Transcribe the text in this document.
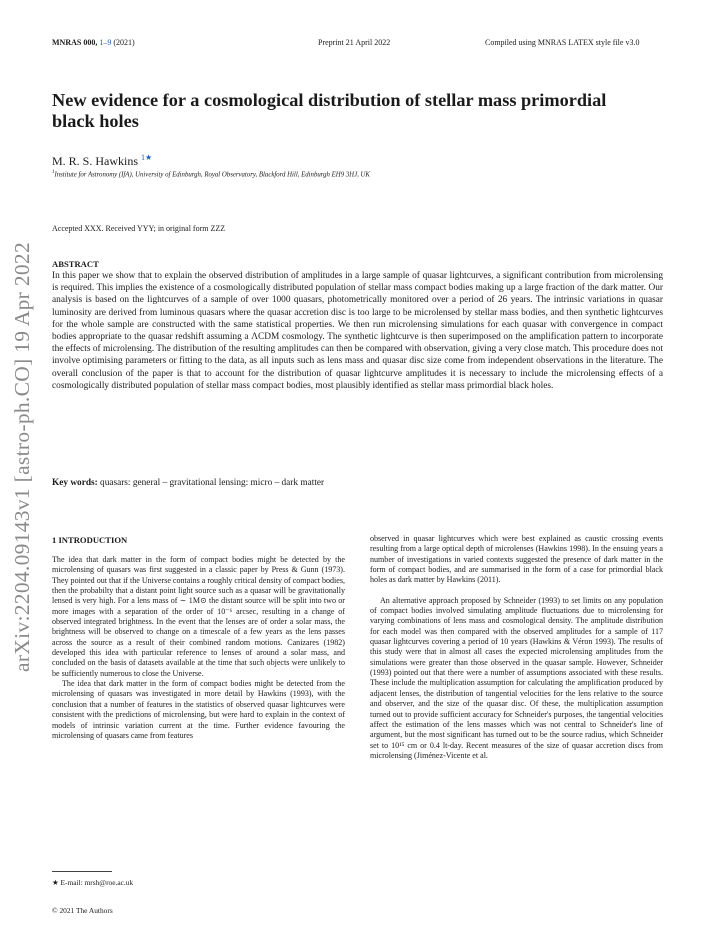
MNRAS 000, 1–9 (2021)	Preprint 21 April 2022	Compiled using MNRAS LATEX style file v3.0
New evidence for a cosmological distribution of stellar mass primordial black holes
M. R. S. Hawkins $^{1★}$
$^1$Institute for Astronomy (IfA), University of Edinburgh, Royal Observatory, Blackford Hill, Edinburgh EH9 3HJ, UK
Accepted XXX. Received YYY; in original form ZZZ
ABSTRACT
In this paper we show that to explain the observed distribution of amplitudes in a large sample of quasar lightcurves, a significant contribution from microlensing is required. This implies the existence of a cosmologically distributed population of stellar mass compact bodies making up a large fraction of the dark matter. Our analysis is based on the lightcurves of a sample of over 1000 quasars, photometrically monitored over a period of 26 years. The intrinsic variations in quasar luminosity are derived from luminous quasars where the quasar accretion disc is too large to be microlensed by stellar mass bodies, and then synthetic lightcurves for the whole sample are constructed with the same statistical properties. We then run microlensing simulations for each quasar with convergence in compact bodies appropriate to the quasar redshift assuming a ΛCDM cosmology. The synthetic lightcurve is then superimposed on the amplification pattern to incorporate the effects of microlensing. The distribution of the resulting amplitudes can then be compared with observation, giving a very close match. This procedure does not involve optimising parameters or fitting to the data, as all inputs such as lens mass and quasar disc size come from independent observations in the literature. The overall conclusion of the paper is that to account for the distribution of quasar lightcurve amplitudes it is necessary to include the microlensing effects of a cosmologically distributed population of stellar mass compact bodies, most plausibly identified as stellar mass primordial black holes.
Key words: quasars: general – gravitational lensing: micro – dark matter
arXiv:2204.09143v1 [astro-ph.CO] 19 Apr 2022 1 INTRODUCTION

The idea that dark matter in the form of compact bodies might be detected by the microlensing of quasars was first suggested in a classic paper by Press & Gunn (1973). They pointed out that if the Universe contains a roughly critical density of compact bodies, then the probabilty that a distant point light source such as a quasar will be gravitationally lensed is very high. For a lens mass of ∼ 1M⊙ the distant source will be split into two or more images with a separation of the order of 10⁻⁶ arcsec, resulting in a change of observed integrated brightness. In the event that the lenses are of order a solar mass, the brightness will be observed to change on a timescale of a few years as the lens passes across the source as a result of their combined random motions. Canizares (1982) developed this idea with particular reference to lenses of around a solar mass, and concluded on the basis of datasets available at the time that such objects were unlikely to be sufficiently numerous to close the Universe.

The idea that dark matter in the form of compact bodies might be detected from the microlensing of quasars was investigated in more detail by Hawkins (1993), with the conclusion that a number of features in the statistics of observed quasar lightcurves were consistent with the predictions of microlensing, but were hard to explain in the context of models of intrinsic variation current at the time. Further evidence favouring the microlensing of quasars came from features

observed in quasar lightcurves which were best explained as caustic crossing events resulting from a large optical depth of microlenses (Hawkins 1998). In the ensuing years a number of investigations in varied contexts suggested the presence of dark matter in the form of compact bodies, and are summarised in the form of a case for primordial black holes as dark matter by Hawkins (2011).

An alternative approach proposed by Schneider (1993) to set limits on any population of compact bodies involved simulating amplitude fluctuations due to microlensing for varying combinations of lens mass and cosmological density. The amplitude distribution for each model was then compared with the observed amplitudes for a sample of 117 quasar lightcurves covering a period of 10 years (Hawkins & Véron 1993). The results of this study were that in almost all cases the expected microlensing amplitudes from the simulations were greater than those observed in the quasar sample. However, Schneider (1993) pointed out that there were a number of assumptions associated with these results. These include the multiplication assumption for calculating the amplification produced by adjacent lenses, the distribution of tangential velocities for the lens relative to the source and observer, and the size of the quasar disc. Of these, the multiplication assumption turned out to provide sufficient accuracy for Schneider's purposes, the tangential velocities affect the estimation of the lens masses which was not central to Schneider's line of argument, but the most significant has turned out to be the source radius, which Schneider set to 10¹⁵ cm or 0.4 lt-day. Recent measures of the size of quasar accretion discs from microlensing (Jiménez-Vicente et al.

★ E-mail: mrsh@roe.ac.uk
© 2021 The Authors
